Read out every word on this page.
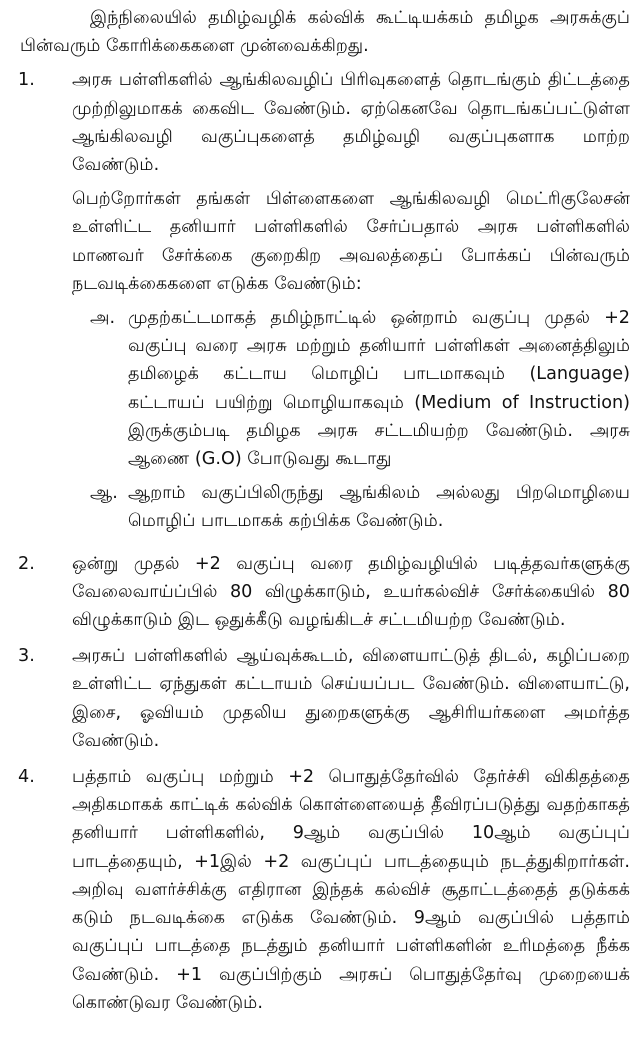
இந்நிலையில் தமிழ்வழிக் கல்விக் கூட்டியக்கம் தமிழக அரசுக்குப் பின்வரும் கோரிக்கைகளை முன்வைக்கிறது.

1.	அரசு பள்ளிகளில் ஆங்கிலவழிப் பிரிவுகளைத் தொடங்கும் திட்டத்தை முற்றிலுமாகக் கைவிட வேண்டும். ஏற்கெனவே தொடங்கப்பட்டுள்ள ஆங்கிலவழி வகுப்புகளைத் தமிழ்வழி வகுப்புகளாக மாற்ற வேண்டும்.

பெற்றோர்கள் தங்கள் பிள்ளைகளை ஆங்கிலவழி மெட்ரிகுலேசன் உள்ளிட்ட தனியார் பள்ளிகளில் சேர்ப்பதால் அரசு பள்ளிகளில் மாணவர் சேர்க்கை குறைகிற அவலத்தைப் போக்கப் பின்வரும் நடவடிக்கைகளை எடுக்க வேண்டும்:

அ. முதற்கட்டமாகத் தமிழ்நாட்டில் ஒன்றாம் வகுப்பு முதல் +2 வகுப்பு வரை அரசு மற்றும் தனியார் பள்ளிகள் அனைத்திலும் தமிழைக் கட்டாய மொழிப் பாடமாகவும் (Language) கட்டாயப் பயிற்று மொழியாகவும் (Medium of Instruction) இருக்கும்படி தமிழக அரசு சட்டமியற்ற வேண்டும். அரசு ஆணை (G.O) போடுவது கூடாது
ஆ. ஆறாம் வகுப்பிலிருந்து ஆங்கிலம் அல்லது பிறமொழியை மொழிப் பாடமாகக் கற்பிக்க வேண்டும்.
2.	ஒன்று முதல் +2 வகுப்பு வரை தமிழ்வழியில் படித்தவர்களுக்கு வேலைவாய்ப்பில் 80 விழுக்காடும், உயர்கல்விச் சேர்க்கையில் 80 விழுக்காடும் இட ஒதுக்கீடு வழங்கிடச் சட்டமியற்ற வேண்டும்.
3.	அரசுப் பள்ளிகளில் ஆய்வுக்கூடம், விளையாட்டுத் திடல், கழிப்பறை உள்ளிட்ட ஏந்துகள் கட்டாயம் செய்யப்பட வேண்டும். விளையாட்டு, இசை, ஓவியம் முதலிய துறைகளுக்கு ஆசிரியர்களை அமர்த்த வேண்டும்.
4.	பத்தாம் வகுப்பு மற்றும் +2 பொதுத்தேர்வில் தேர்ச்சி விகிதத்தை அதிகமாகக் காட்டிக் கல்விக் கொள்ளையைத் தீவிரப்படுத்து வதற்காகத் தனியார் பள்ளிகளில், 9ஆம் வகுப்பில் 10ஆம் வகுப்புப் பாடத்தையும், +1இல் +2 வகுப்புப் பாடத்தையும் நடத்துகிறார்கள். அறிவு வளர்ச்சிக்கு எதிரான இந்தக் கல்விச் சூதாட்டத்தைத் தடுக்கக் கடும் நடவடிக்கை எடுக்க வேண்டும். 9ஆம் வகுப்பில் பத்தாம் வகுப்புப் பாடத்தை நடத்தும் தனியார் பள்ளிகளின் உரிமத்தை நீக்க வேண்டும். +1 வகுப்பிற்கும் அரசுப் பொதுத்தேர்வு முறையைக் கொண்டுவர வேண்டும்.
